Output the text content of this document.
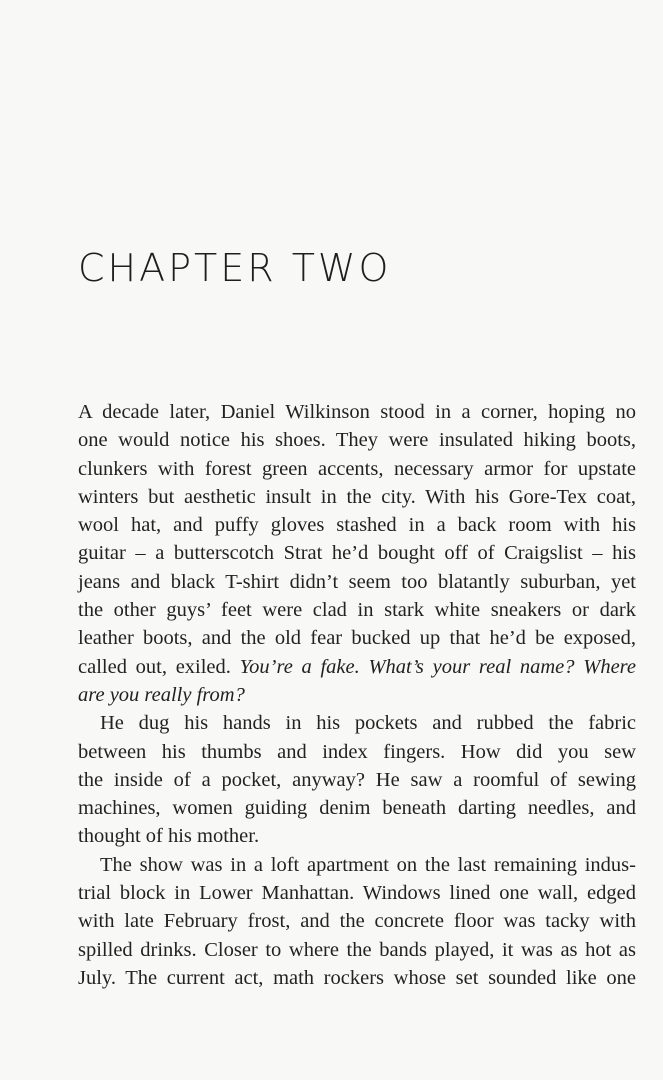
CHAPTER TWO
A decade later, Daniel Wilkinson stood in a corner, hoping no
one would notice his shoes. They were insulated hiking boots,
clunkers with forest green accents, necessary armor for upstate
winters but aesthetic insult in the city. With his Gore-Tex coat,
wool hat, and puffy gloves stashed in a back room with his
guitar – a butterscotch Strat he’d bought off of Craigslist – his
jeans and black T-shirt didn’t seem too blatantly suburban, yet
the other guys’ feet were clad in stark white sneakers or dark
leather boots, and the old fear bucked up that he’d be exposed,
called out, exiled. You’re a fake. What’s your real name? Where
are you really from?
He dug his hands in his pockets and rubbed the fabric
between his thumbs and index fingers. How did you sew
the inside of a pocket, anyway? He saw a roomful of sewing
machines, women guiding denim beneath darting needles, and
thought of his mother.
The show was in a loft apartment on the last remaining indus-
trial block in Lower Manhattan. Windows lined one wall, edged
with late February frost, and the concrete floor was tacky with
spilled drinks. Closer to where the bands played, it was as hot as
July. The current act, math rockers whose set sounded like one
